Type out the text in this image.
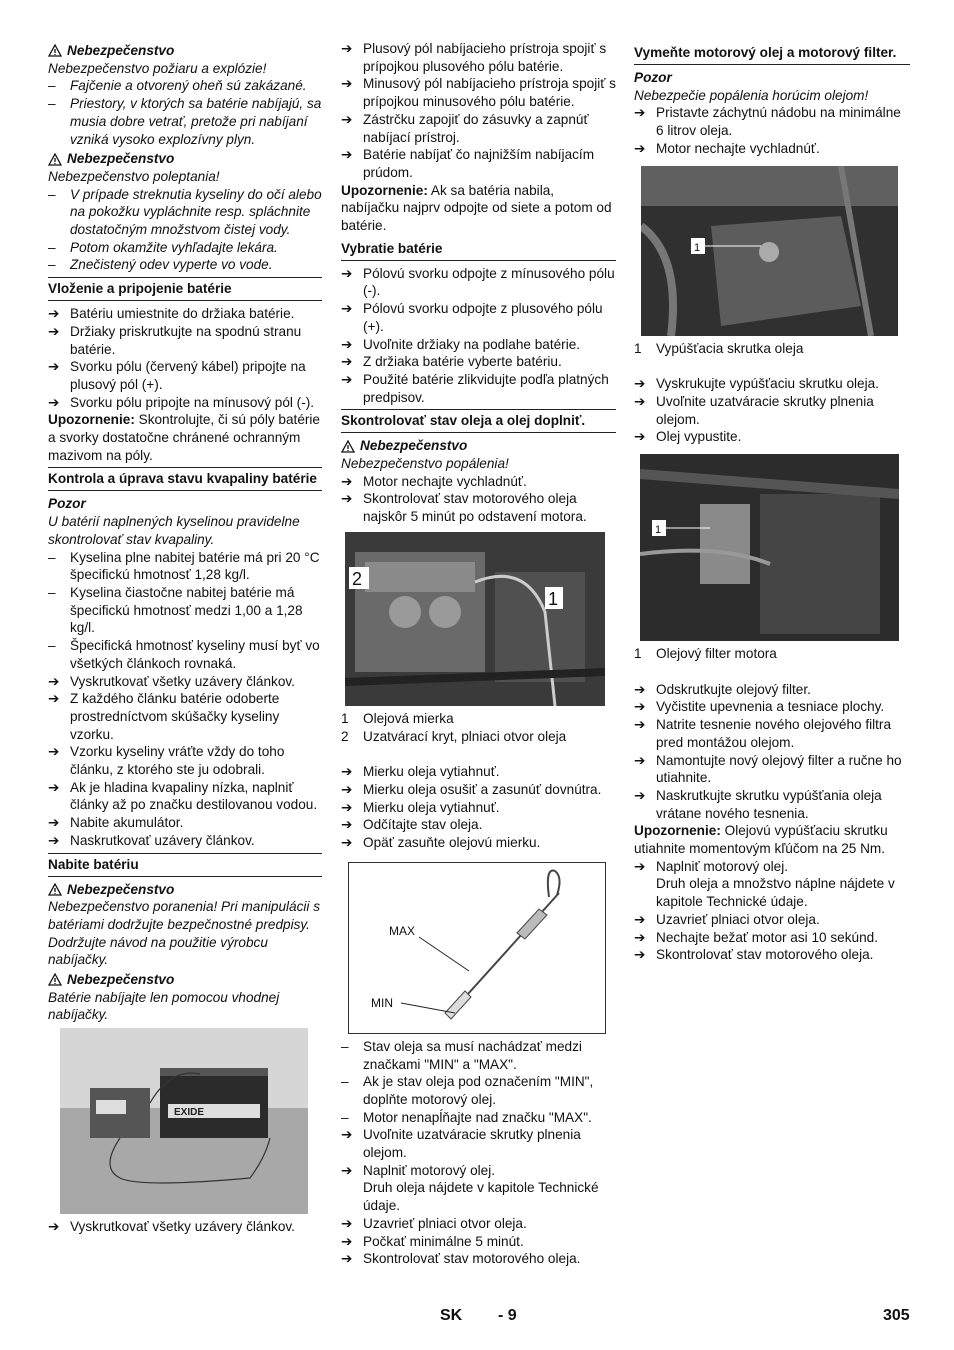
Nebezpečenstvo

Nebezpečenstvo požiaru a explózie!

–	Fajčenie a otvorený oheň sú zakázané.
–	Priestory, v ktorých sa batérie nabíjajú, sa musia dobre vetrať, pretože pri nabíjaní vzniká vysoko explozívny plyn.
Nebezpečenstvo

Nebezpečenstvo poleptania!

–	V prípade streknutia kyseliny do očí alebo na pokožku vypláchnite resp. spláchnite dostatočným množstvom čistej vody.
–	Potom okamžite vyhľadajte lekára.
–	Znečistený odev vyperte vo vode.
Vloženie a pripojenie batérie
➔ Batériu umiestnite do držiaka batérie.
➔ Držiaky priskrutkujte na spodnú stranu batérie.
➔ Svorku pólu (červený kábel) pripojte na plusový pól (+).
➔ Svorku pólu pripojte na mínusový pól (-).

Upozornenie: Skontrolujte, či sú póly batérie a svorky dostatočne chránené ochranným mazivom na póly.

Kontrola a úprava stavu kvapaliny batérie
Pozor

U batérií naplnených kyselinou pravidelne skontrolovať stav kvapaliny.

–	Kyselina plne nabitej batérie má pri 20 °C špecifickú hmotnosť 1,28 kg/l.
–	Kyselina čiastočne nabitej batérie má špecifickú hmotnosť medzi 1,00 a 1,28 kg/l.
–	Špecifická hmotnosť kyseliny musí byť vo všetkých článkoch rovnaká.
➔ Vyskrutkovať všetky uzávery článkov.
➔ Z každého článku batérie odoberte prostredníctvom skúšačky kyseliny vzorku.
➔ Vzorku kyseliny vráťte vždy do toho článku, z ktorého ste ju odobrali.
➔ Ak je hladina kvapaliny nízka, naplniť články až po značku destilovanou vodou.
➔ Nabite akumulátor.
➔ Naskrutkovať uzávery článkov.
Nabite batériu
Nebezpečenstvo

Nebezpečenstvo poranenia! Pri manipulácii s batériami dodržujte bezpečnostné predpisy. Dodržujte návod na použitie výrobcu nabíjačky.

Nebezpečenstvo

Batérie nabíjajte len pomocou vhodnej nabíjačky.

EXIDE
➔ Vyskrutkovať všetky uzávery článkov.
➔ Plusový pól nabíjacieho prístroja spojiť s prípojkou plusového pólu batérie.
➔ Minusový pól nabíjacieho prístroja spojiť s prípojkou minusového pólu batérie.
➔ Zástrčku zapojiť do zásuvky a zapnúť nabíjací prístroj.
➔ Batérie nabíjať čo najnižším nabíjacím prúdom.

Upozornenie: Ak sa batéria nabila, nabíjačku najprv odpojte od siete a potom od batérie.

Vybratie batérie
➔ Pólovú svorku odpojte z mínusového pólu (-).
➔ Pólovú svorku odpojte z plusového pólu (+).
➔ Uvoľnite držiaky na podlahe batérie.
➔ Z držiaka batérie vyberte batériu.
➔ Použité batérie zlikvidujte podľa platných predpisov.
Skontrolovať stav oleja a olej doplniť.
Nebezpečenstvo

Nebezpečenstvo popálenia!

➔ Motor nechajte vychladnúť.
➔ Skontrolovať stav motorového oleja najskôr 5 minút po odstavení motora.
2
1
1	Olejová mierka
2	Uzatvárací kryt, plniaci otvor oleja
➔ Mierku oleja vytiahnuť.
➔ Mierku oleja osušiť a zasunúť dovnútra.
➔ Mierku oleja vytiahnuť.
➔ Odčítajte stav oleja.
➔ Opäť zasuňte olejovú mierku.
MAX
MIN
–	Stav oleja sa musí nachádzať medzi značkami "MIN" a "MAX".
–	Ak je stav oleja pod označením "MIN", doplňte motorový olej.
–	Motor nenapĺňajte nad značku "MAX".
➔ Uvoľnite uzatváracie skrutky plnenia olejom.
➔ Naplniť motorový olej.
Druh oleja nájdete v kapitole Technické údaje.
➔ Uzavrieť plniaci otvor oleja.
➔ Počkať minimálne 5 minút.
➔ Skontrolovať stav motorového oleja.
Vymeňte motorový olej a motorový filter.
Pozor

Nebezpečie popálenia horúcim olejom!

➔ Pristavte záchytnú nádobu na minimálne 6 litrov oleja.
➔ Motor nechajte vychladnúť.
1
1	Vypúšťacia skrutka oleja
➔ Vyskrukujte vypúšťaciu skrutku oleja.
➔ Uvoľnite uzatváracie skrutky plnenia olejom.
➔ Olej vypustite.
1
1	Olejový filter motora
➔ Odskrutkujte olejový filter.
➔ Vyčistite upevnenia a tesniace plochy.
➔ Natrite tesnenie nového olejového filtra pred montážou olejom.
➔ Namontujte nový olejový filter a ručne ho utiahnite.
➔ Naskrutkujte skrutku vypúšťania oleja vrátane nového tesnenia.

Upozornenie: Olejovú vypúšťaciu skrutku utiahnite momentovým kľúčom na 25 Nm.

➔ Naplniť motorový olej.
Druh oleja a množstvo náplne nájdete v kapitole Technické údaje.
➔ Uzavrieť plniaci otvor oleja.
➔ Nechajte bežať motor asi 10 sekúnd.
➔ Skontrolovať stav motorového oleja.
SK - 9	305
